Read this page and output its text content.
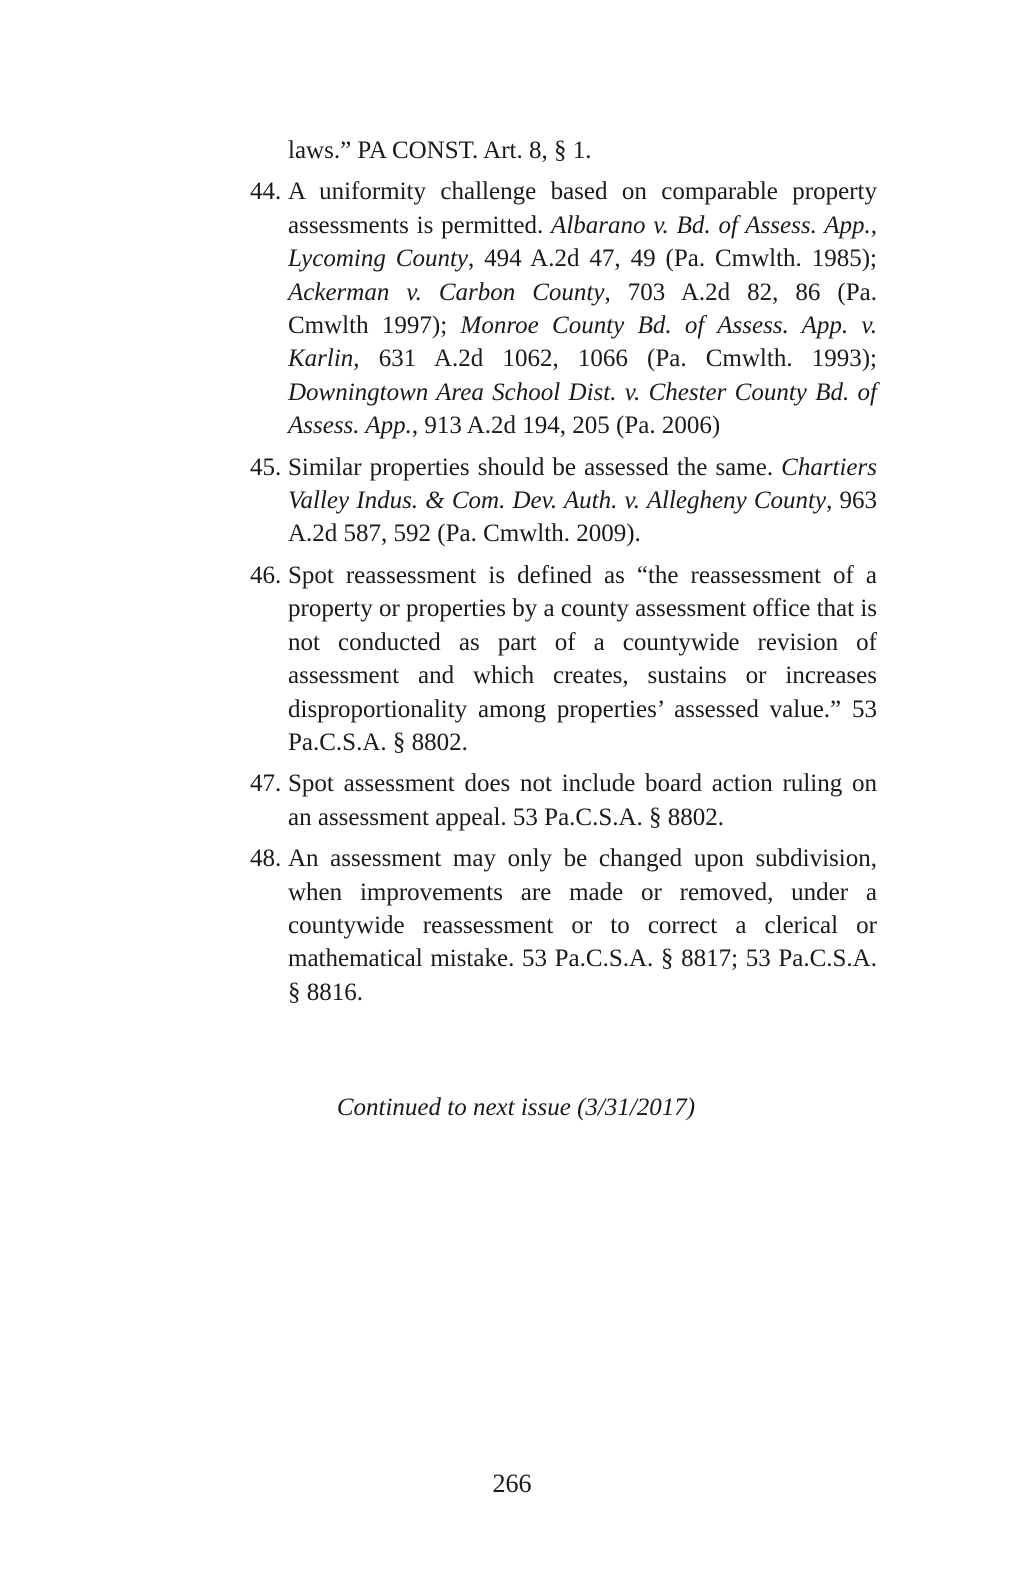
laws.” PA CONST. Art. 8, § 1.

44. A uniformity challenge based on comparable property assessments is permitted. Albarano v. Bd. of Assess. App., Lycoming County, 494 A.2d 47, 49 (Pa. Cmwlth. 1985); Ackerman v. Carbon County, 703 A.2d 82, 86 (Pa. Cmwlth 1997); Monroe County Bd. of Assess. App. v. Karlin, 631 A.2d 1062, 1066 (Pa. Cmwlth. 1993); Downingtown Area School Dist. v. Chester County Bd. of Assess. App., 913 A.2d 194, 205 (Pa. 2006)
45. Similar properties should be assessed the same. Chartiers Valley Indus. & Com. Dev. Auth. v. Allegheny County, 963 A.2d 587, 592 (Pa. Cmwlth. 2009).
46. Spot reassessment is defined as “the reassessment of a property or properties by a county assessment office that is not conducted as part of a countywide revision of assessment and which creates, sustains or increases disproportionality among properties’ assessed value.” 53 Pa.C.S.A. § 8802.
47. Spot assessment does not include board action ruling on an assessment appeal. 53 Pa.C.S.A. § 8802.
48. An assessment may only be changed upon subdivision, when improvements are made or removed, under a countywide reassessment or to correct a clerical or mathematical mistake. 53 Pa.C.S.A. § 8817; 53 Pa.C.S.A. § 8816.
Continued to next issue (3/31/2017)
266
